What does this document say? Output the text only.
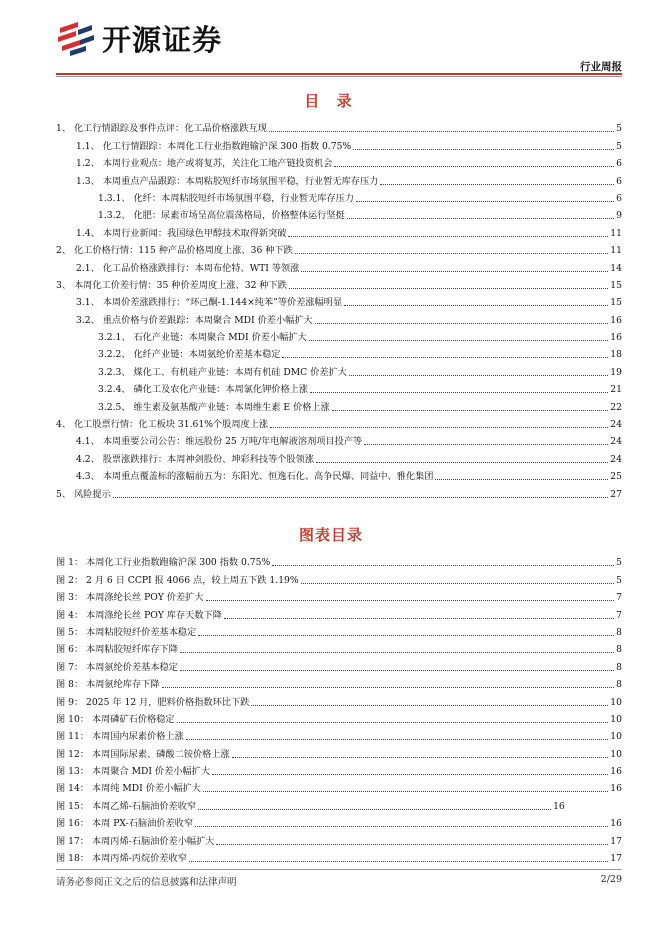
开源证券
行业周报
目 录
1、 化工行情跟踪及事件点评：化工品价格涨跌互现	5
1.1、 化工行情跟踪：本周化工行业指数跑输沪深 300 指数 0.75%	5
1.2、 本周行业观点：地产或将复苏，关注化工地产链投资机会	6
1.3、 本周重点产品跟踪：本周粘胶短纤市场氛围平稳，行业暂无库存压力	6
1.3.1、 化纤：本周粘胶短纤市场氛围平稳，行业暂无库存压力	6
1.3.2、 化肥：尿素市场呈高位震荡格局，价格整体运行坚挺	9
1.4、 本周行业新闻：我国绿色甲醇技术取得新突破	11
2、 化工价格行情：115 种产品价格周度上涨、36 种下跌	11
2.1、 化工品价格涨跌排行：本周布伦特、WTI 等领涨	14
3、 本周化工价差行情：35 种价差周度上涨、32 种下跌	15
3.1、 本周价差涨跌排行：“环己酮-1.144×纯苯”等价差涨幅明显	15
3.2、 重点价格与价差跟踪：本周聚合 MDI 价差小幅扩大	16
3.2.1、 石化产业链：本周聚合 MDI 价差小幅扩大	16
3.2.2、 化纤产业链：本周氨纶价差基本稳定	18
3.2.3、 煤化工、有机硅产业链：本周有机硅 DMC 价差扩大	19
3.2.4、 磷化工及农化产业链：本周氯化钾价格上涨	21
3.2.5、 维生素及氨基酸产业链：本周维生素 E 价格上涨	22
4、 化工股票行情：化工板块 31.61%个股周度上涨	24
4.1、 本周重要公司公告：维远股份 25 万吨/年电解液溶剂项目投产等	24
4.2、 股票涨跌排行：本周神剑股份、坤彩科技等个股领涨	24
4.3、 本周重点覆盖标的涨幅前五为：东阳光、恒逸石化、高争民爆、同益中、雅化集团	25
5、 风险提示	27
图表目录
图 1： 本周化工行业指数跑输沪深 300 指数 0.75%	5
图 2： 2 月 6 日 CCPI 报 4066 点，较上周五下跌 1.19%	5
图 3： 本周涤纶长丝 POY 价差扩大	7
图 4： 本周涤纶长丝 POY 库存天数下降	7
图 5： 本周粘胶短纤价差基本稳定	8
图 6： 本周粘胶短纤库存下降	8
图 7： 本周氨纶价差基本稳定	8
图 8： 本周氨纶库存下降	8
图 9： 2025 年 12 月，肥料价格指数环比下跌	10
图 10： 本周磷矿石价格稳定	10
图 11： 本周国内尿素价格上涨	10
图 12： 本周国际尿素、磷酸二铵价格上涨	10
图 13： 本周聚合 MDI 价差小幅扩大	16
图 14： 本周纯 MDI 价差小幅扩大	16
图 15： 本周乙烯-石脑油价差收窄	16
图 16： 本周 PX-石脑油价差收窄	16
图 17： 本周丙烯-石脑油价差小幅扩大	17
图 18： 本周丙烯-丙烷价差收窄	17
请务必参阅正文之后的信息披露和法律声明	2/29
